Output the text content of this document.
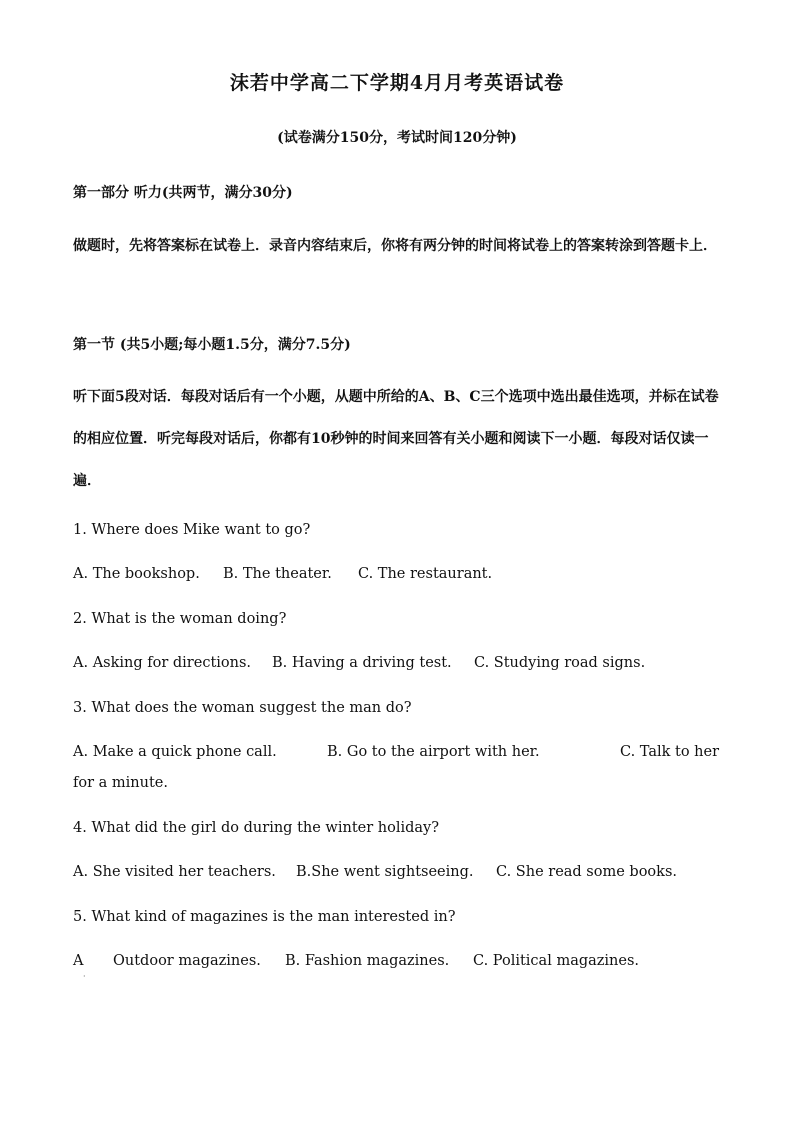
沫若中学高二下学期4月月考英语试卷
(试卷满分150分，考试时间120分钟)
第一部分 听力(共两节，满分30分)
做题时，先将答案标在试卷上．录音内容结束后，你将有两分钟的时间将试卷上的答案转涂到答题卡上．
第一节 (共5小题;每小题1.5分，满分7.5分)
听下面5段对话．每段对话后有一个小题，从题中所给的A、B、C三个选项中选出最佳选项，并标在试卷的相应位置．听完每段对话后，你都有10秒钟的时间来回答有关小题和阅读下一小题．每段对话仅读一遍．
1. Where does Mike want to go?
A. The bookshop.	B. The theater.	C. The restaurant.
2. What is the woman doing?
A. Asking for directions.	B. Having a driving test.	C. Studying road signs.
3. What does the woman suggest the man do?
A. Make a quick phone call.	B. Go to the airport with her.	C. Talk to her
for a minute.
4. What did the girl do during the winter holiday?
A. She visited her teachers.	B.She went sightseeing.	C. She read some books.
5. What kind of magazines is the man interested in?
A	Outdoor magazines.	B. Fashion magazines.	C. Political magazines.
·
